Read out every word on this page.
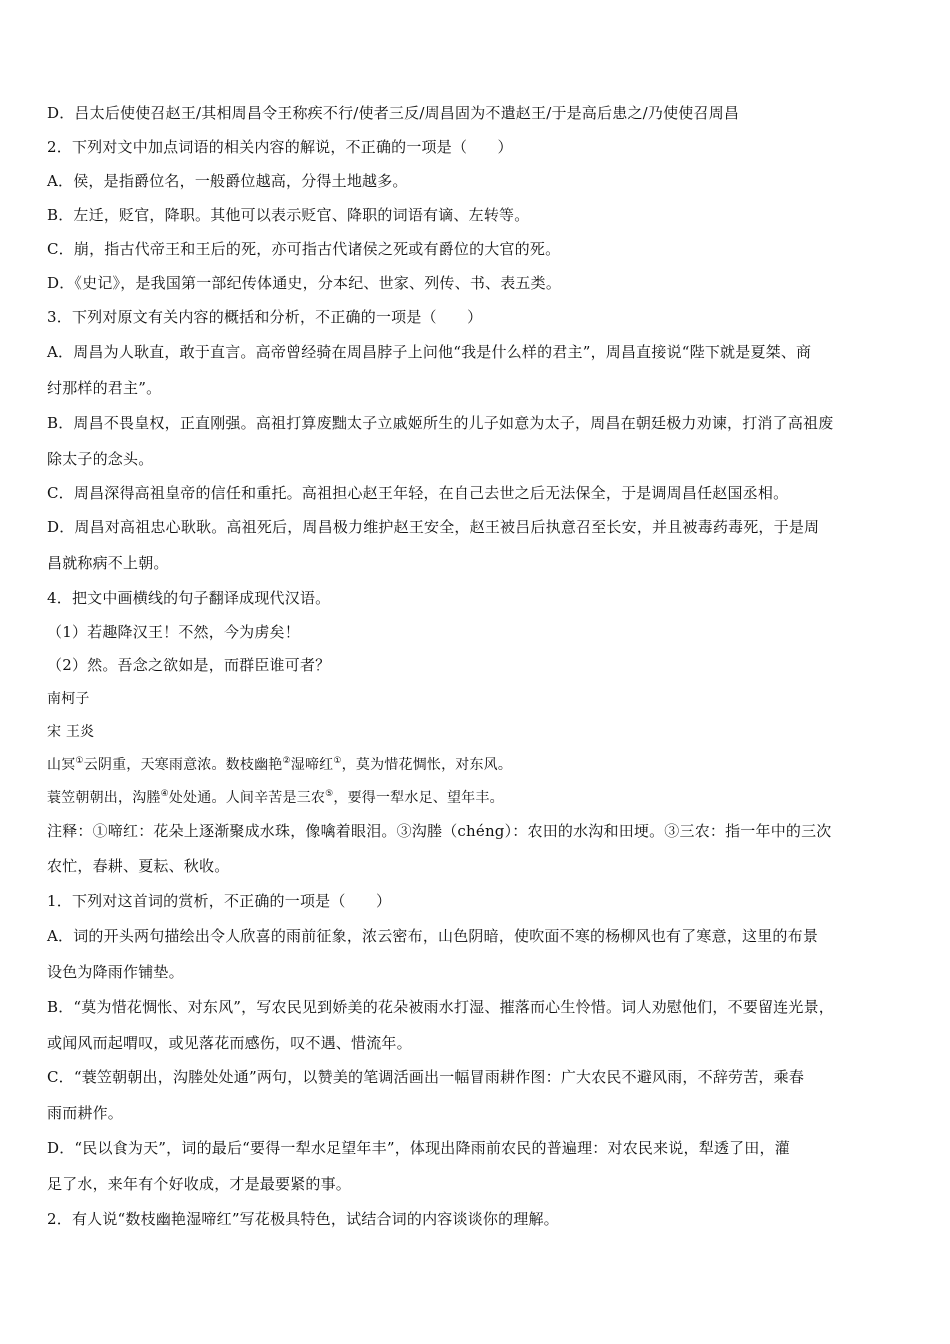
D．吕太后使使召赵王/其相周昌令王称疾不行/使者三反/周昌固为不遣赵王/于是高后患之/乃使使召周昌
2．下列对文中加点词语的相关内容的解说，不正确的一项是（　　）
A．侯，是指爵位名，一般爵位越高，分得土地越多。
B．左迁，贬官，降职。其他可以表示贬官、降职的词语有谪、左转等。
C．崩，指古代帝王和王后的死，亦可指古代诸侯之死或有爵位的大官的死。
D．《史记》，是我国第一部纪传体通史，分本纪、世家、列传、书、表五类。
3．下列对原文有关内容的概括和分析，不正确的一项是（　　）
A．周昌为人耿直，敢于直言。高帝曾经骑在周昌脖子上问他“我是什么样的君主”，周昌直接说“陛下就是夏桀、商
纣那样的君主”。
B．周昌不畏皇权，正直刚强。高祖打算废黜太子立戚姬所生的儿子如意为太子，周昌在朝廷极力劝谏，打消了高祖废
除太子的念头。
C．周昌深得高祖皇帝的信任和重托。高祖担心赵王年轻，在自己去世之后无法保全，于是调周昌任赵国丞相。
D．周昌对高祖忠心耿耿。高祖死后，周昌极力维护赵王安全，赵王被吕后执意召至长安，并且被毒药毒死，于是周
昌就称病不上朝。
4．把文中画横线的句子翻译成现代汉语。
（1）若趣降汉王！不然，今为虏矣！
（2）然。吾念之欲如是，而群臣谁可者？
南柯子
宋 王炎
山冥①云阴重，天寒雨意浓。数枝幽艳②湿啼红①，莫为惜花惆怅，对东风。
蓑笠朝朝出，沟塍④处处通。人间辛苦是三农⑤，要得一犁水足、望年丰。
注释：①啼红：花朵上逐渐聚成水珠，像噙着眼泪。③沟塍（chéng）：农田的水沟和田埂。③三农：指一年中的三次
农忙，春耕、夏耘、秋收。
1．下列对这首词的赏析，不正确的一项是（　　）
A．词的开头两句描绘出令人欣喜的雨前征象，浓云密布，山色阴暗，使吹面不寒的杨柳风也有了寒意，这里的布景
设色为降雨作铺垫。
B．“莫为惜花惆怅、对东风”，写农民见到娇美的花朵被雨水打湿、摧落而心生怜惜。词人劝慰他们，不要留连光景，
或闻风而起喟叹，或见落花而感伤，叹不遇、惜流年。
C．“蓑笠朝朝出，沟塍处处通”两句，以赞美的笔调活画出一幅冒雨耕作图：广大农民不避风雨，不辞劳苦，乘春
雨而耕作。
D．“民以食为天”，词的最后“要得一犁水足望年丰”，体现出降雨前农民的普遍理：对农民来说，犁透了田，灌
足了水，来年有个好收成，才是最要紧的事。
2．有人说“数枝幽艳湿啼红”写花极具特色，试结合词的内容谈谈你的理解。
